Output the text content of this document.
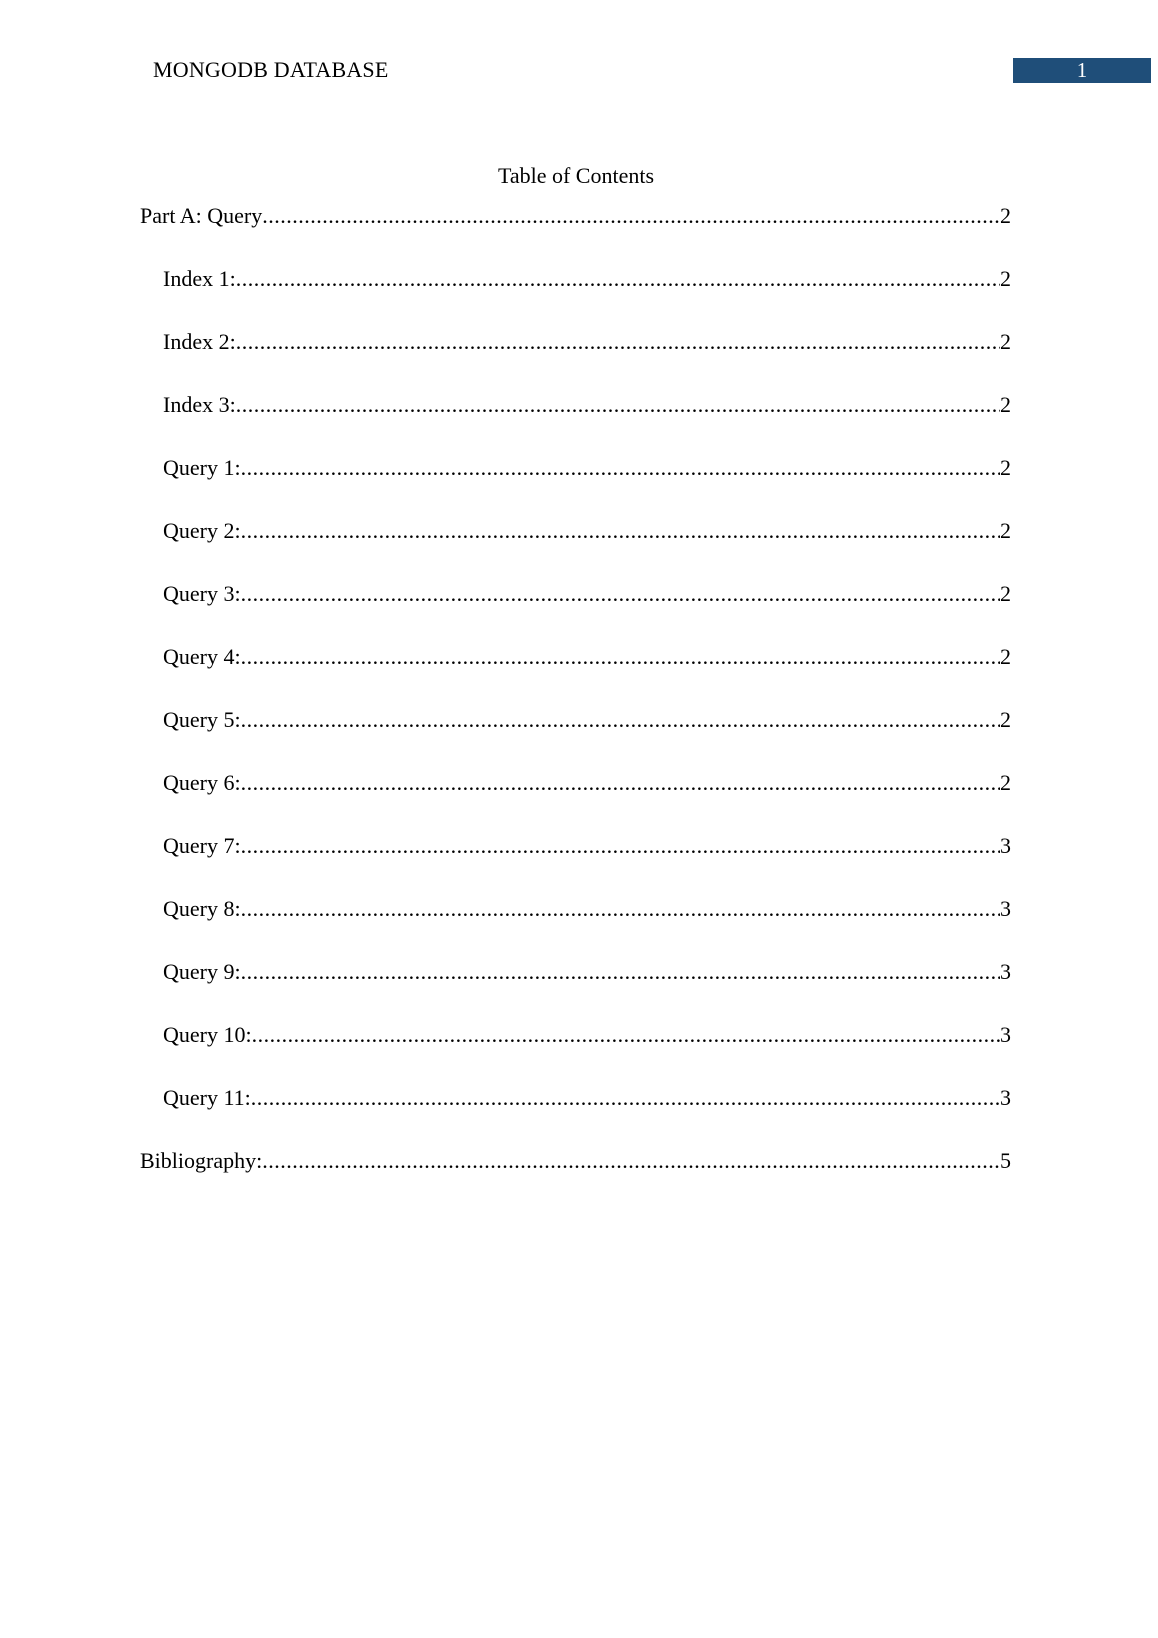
MONGODB DATABASE	1
Table of Contents
Part A: Query .....	2
Index 1: .....	2
Index 2: .....	2
Index 3: .....	2
Query 1: .....	2
Query 2: .....	2
Query 3: .....	2
Query 4: .....	2
Query 5: .....	2
Query 6: .....	2
Query 7: .....	3
Query 8: .....	3
Query 9: .....	3
Query 10: .....	3
Query 11: .....	3
Bibliography: .....	5
